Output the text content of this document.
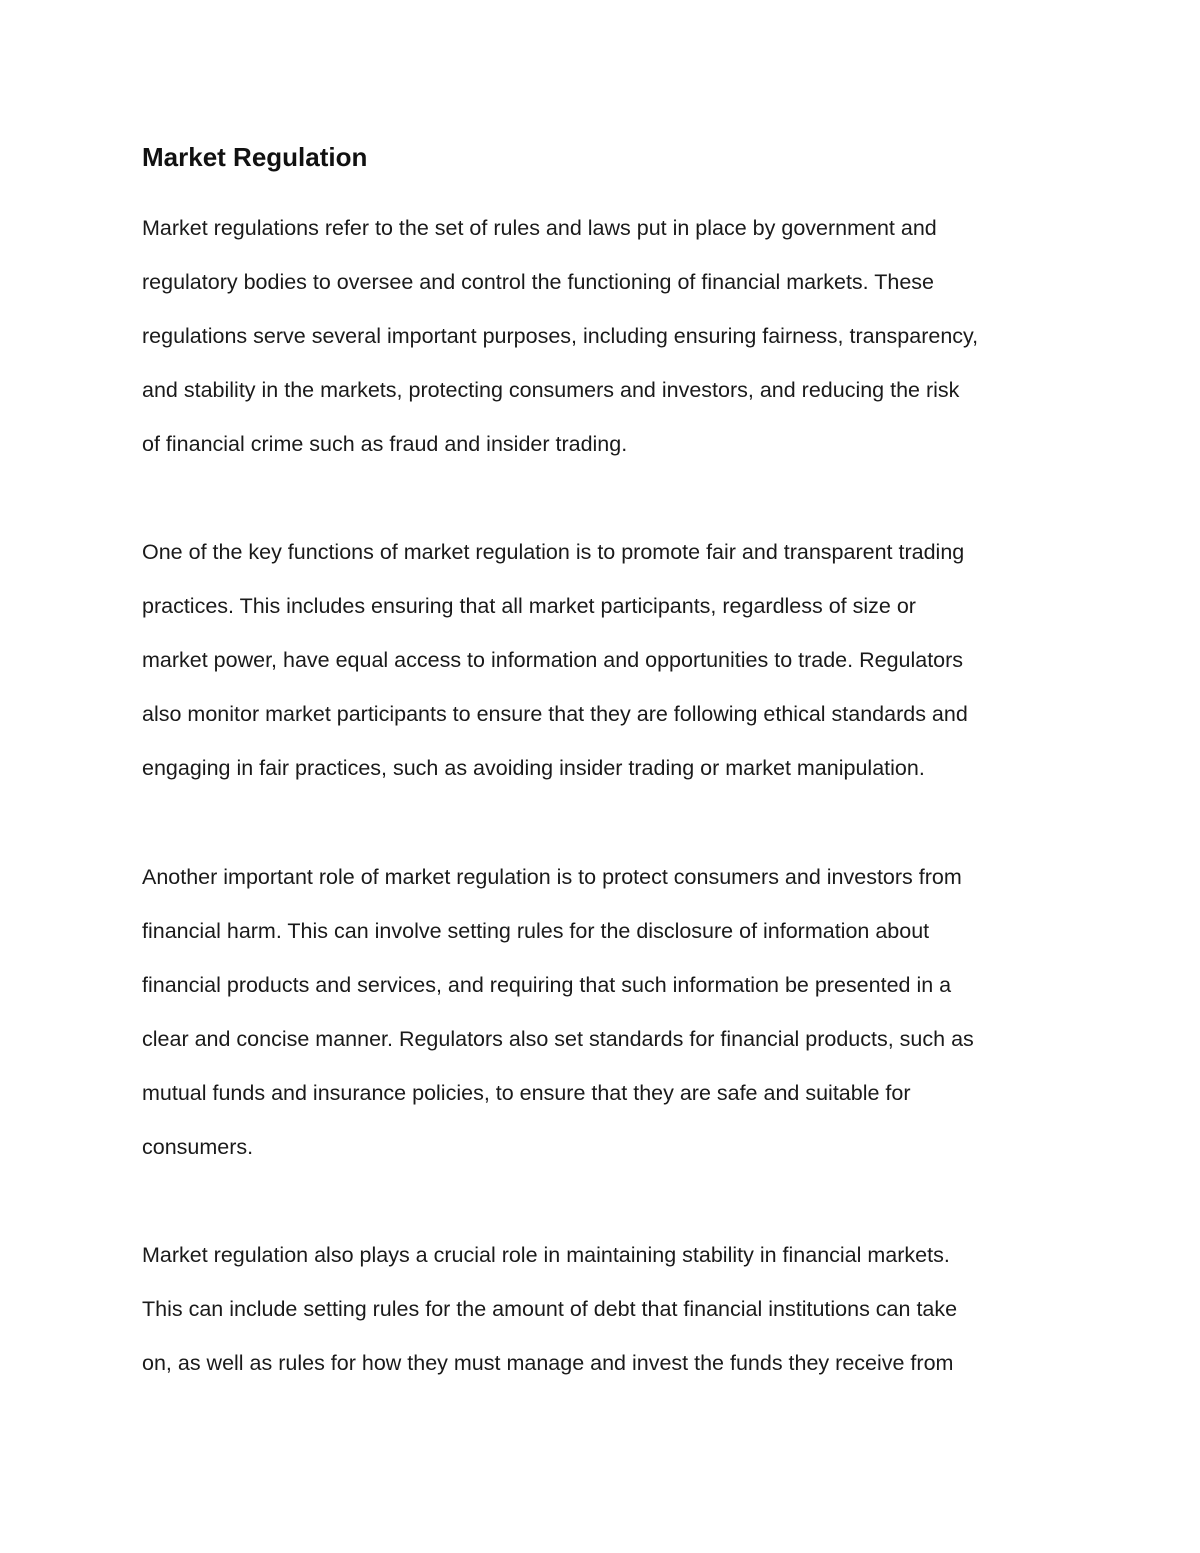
Market Regulation

Market regulations refer to the set of rules and laws put in place by government and

regulatory bodies to oversee and control the functioning of financial markets. These

regulations serve several important purposes, including ensuring fairness, transparency,

and stability in the markets, protecting consumers and investors, and reducing the risk

of financial crime such as fraud and insider trading.

One of the key functions of market regulation is to promote fair and transparent trading

practices. This includes ensuring that all market participants, regardless of size or

market power, have equal access to information and opportunities to trade. Regulators

also monitor market participants to ensure that they are following ethical standards and

engaging in fair practices, such as avoiding insider trading or market manipulation.

Another important role of market regulation is to protect consumers and investors from

financial harm. This can involve setting rules for the disclosure of information about

financial products and services, and requiring that such information be presented in a

clear and concise manner. Regulators also set standards for financial products, such as

mutual funds and insurance policies, to ensure that they are safe and suitable for

consumers.

Market regulation also plays a crucial role in maintaining stability in financial markets.

This can include setting rules for the amount of debt that financial institutions can take

on, as well as rules for how they must manage and invest the funds they receive from
